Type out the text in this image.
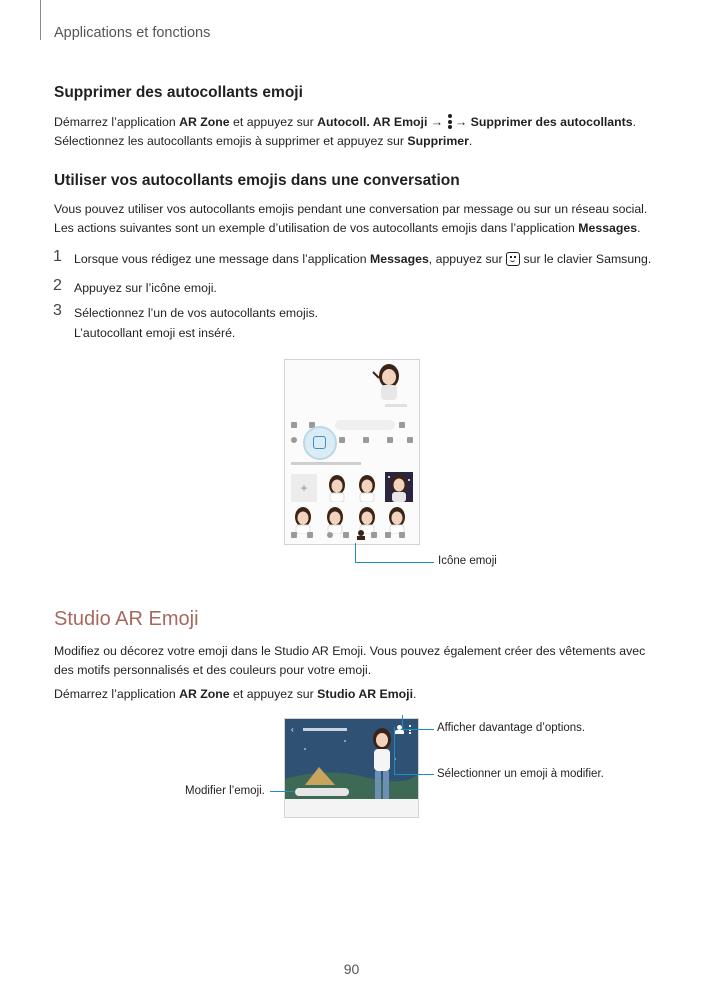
Applications et fonctions
Supprimer des autocollants emoji
Démarrez l’application AR Zone et appuyez sur Autocoll. AR Emoji →
→ Supprimer des autocollants.
Sélectionnez les autocollants emojis à supprimer et appuyez sur Supprimer.
Utiliser vos autocollants emojis dans une conversation
Vous pouvez utiliser vos autocollants emojis pendant une conversation par message ou sur un réseau social.
Les actions suivantes sont un exemple d’utilisation de vos autocollants emojis dans l’application Messages.
1 Lorsque vous rédigez une message dans l’application Messages, appuyez sur
sur le clavier Samsung.
2 Appuyez sur l’icône emoji.
3 Sélectionnez l’un de vos autocollants emojis.
L’autocollant emoji est inséré.
+
Icône emoji
Studio AR Emoji
Modifiez ou décorez votre emoji dans le Studio AR Emoji. Vous pouvez également créer des vêtements avec
des motifs personnalisés et des couleurs pour votre emoji.
Démarrez l’application AR Zone et appuyez sur Studio AR Emoji.
‹	Afficher davantage d’options.
Sélectionner un emoji à modifier.
Modifier l’emoji.
90
